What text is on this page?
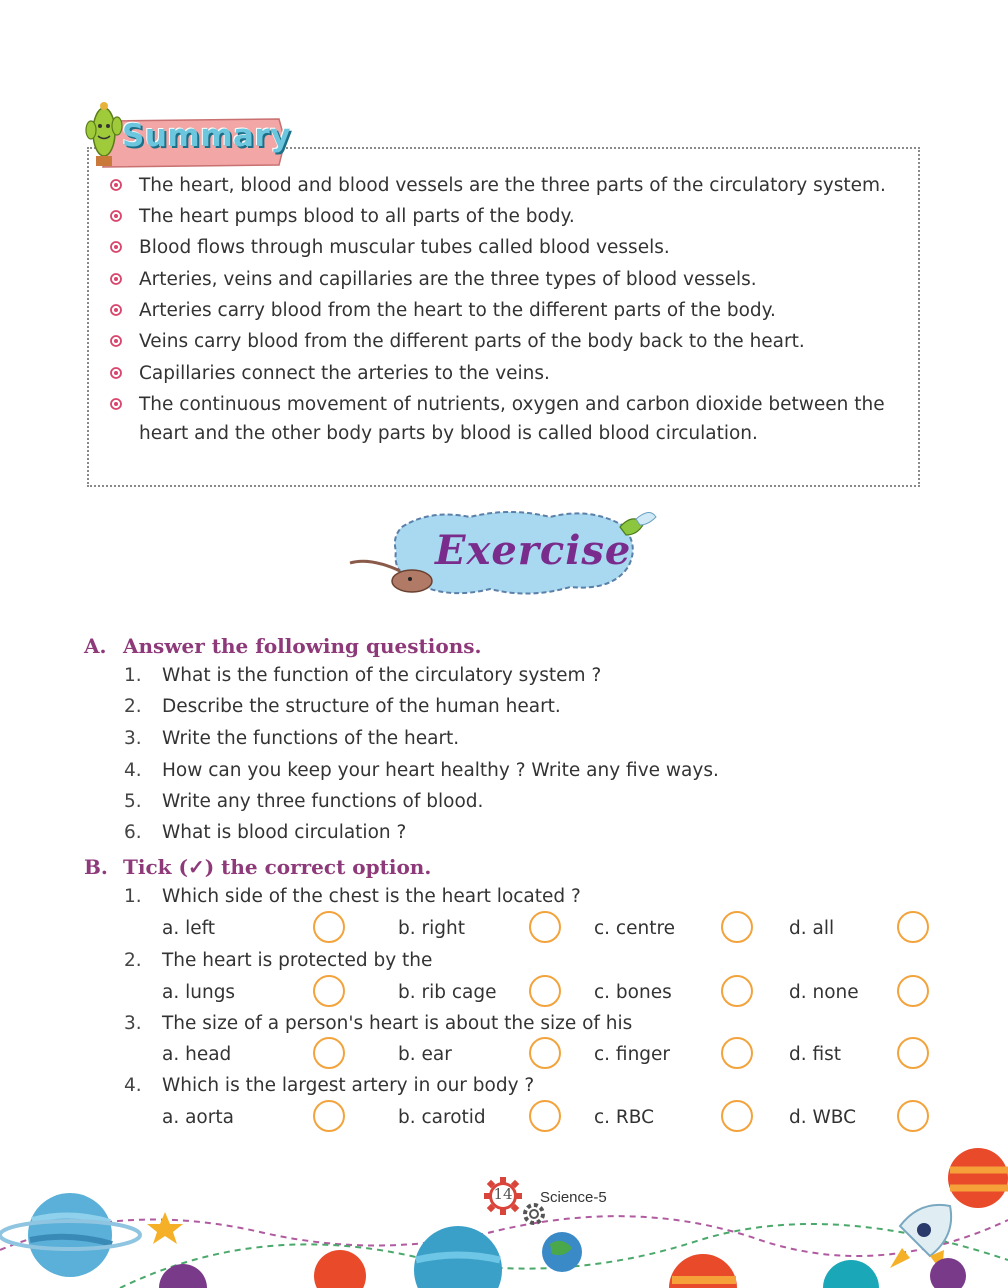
Summary
The heart, blood and blood vessels are the three parts of the circulatory system.
The heart pumps blood to all parts of the body.
Blood flows through muscular tubes called blood vessels.
Arteries, veins and capillaries are the three types of blood vessels.
Arteries carry blood from the heart to the different parts of the body.
Veins carry blood from the different parts of the body back to the heart.
Capillaries connect the arteries to the veins.
The continuous movement of nutrients, oxygen and carbon dioxide between the heart and the other body parts by blood is called blood circulation.
Exercise
A. Answer the following questions.
1. What is the function of the circulatory system ?
2. Describe the structure of the human heart.
3. Write the functions of the heart.
4. How can you keep your heart healthy ? Write any five ways.
5. Write any three functions of blood.
6. What is blood circulation ?
B. Tick (✓) the correct option.
1. Which side of the chest is the heart located ?
a. left	b. right	c. centre	d. all
2. The heart is protected by the
a. lungs	b. rib cage	c. bones	d. none
3. The size of a person's heart is about the size of his
a. head	b. ear	c. finger	d. fist
4. Which is the largest artery in our body ?
a. aorta	b. carotid	c. RBC	d. WBC
14	Science-5
